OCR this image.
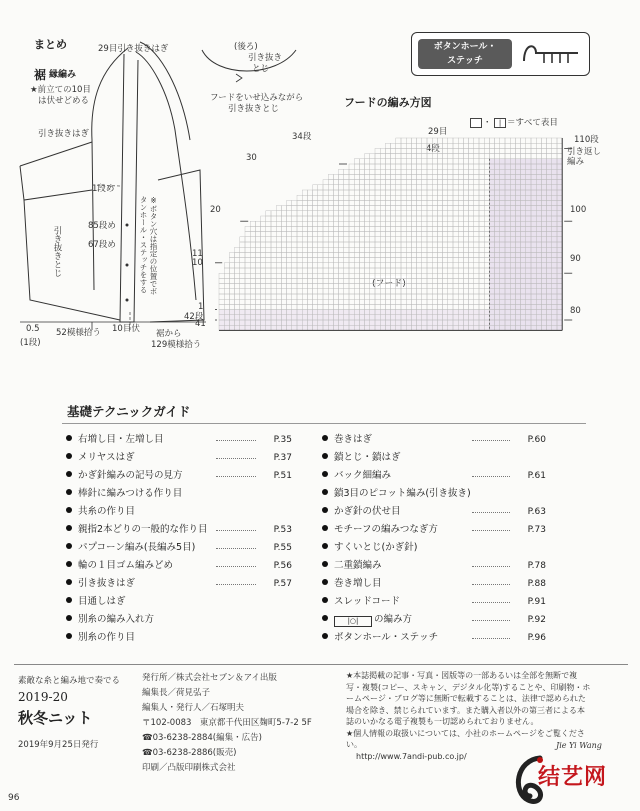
まとめ
裾 縁編み
★前立ての10目
は伏せどめる
29目引き抜きはぎ
引き抜きはぎ
1段め
85段め
67段め
引き抜きとじ	※ボタン穴は指定の位置でボタンホール・ステッチをする
0.5
(1段)
52模様拾う 10目伏 裾から
129模様拾う
(後ろ)
引き抜き
とじ
フードをいせ込みながら
引き抜きとじ
ボタンホール・
ステッチ
フードの編み方図
・	| ＝すべて表目
29目
4段
34段
30
20
11
10
1
42段
41
(フード)
110段
引き返し
編み
100
90
80
基礎テクニックガイド
右増し目・左増し目	P.35
メリヤスはぎ	P.37
かぎ針編みの記号の見方	P.51
棒針に編みつける作り目
共糸の作り目
親指2本どりの一般的な作り目	P.53
パプコーン編み(長編み5目)	P.55
輪の１目ゴム編みどめ	P.56
引き抜きはぎ	P.57
目通しはぎ
別糸の編み入れ方
別糸の作り目
巻きはぎ	P.60
鎖とじ・鎖はぎ
バック細編み	P.61
鎖3目のピコット編み(引き抜き)
かぎ針の伏せ目	P.63
モチーフの編みつなぎ方	P.73
すくいとじ(かぎ針)
二重鎖編み	P.78
巻き増し目	P.88
スレッドコード	P.91
|○| の編み方	P.92
ボタンホール・ステッチ	P.96
素敵な糸と編み地で奏でる
2019-20
秋冬ニット
2019年9月25日発行
発行所／株式会社セブン＆アイ出版
編集長／荷見弘子
編集人・発行人／石塚明夫
〒102-0083　東京都千代田区麹町5-7-2 5F
☎03-6238-2884(編集・広告)
☎03-6238-2886(販売)
印刷／凸版印刷株式会社
★本誌掲載の記事・写真・図版等の一部あるいは全部を無断で複写・複製(コピー、スキャン、デジタル化等)することや、印刷物・ホームページ・ブログ等に無断で転載することは、法律で認められた場合を除き、禁じられています。また購入者以外の第三者による本誌のいかなる電子複製も一切認められておりません。
★個人情報の取扱いについては、小社のホームページをご覧ください。
http://www.7andi-pub.co.jp/
96
结艺网
Jie Yi Wang
